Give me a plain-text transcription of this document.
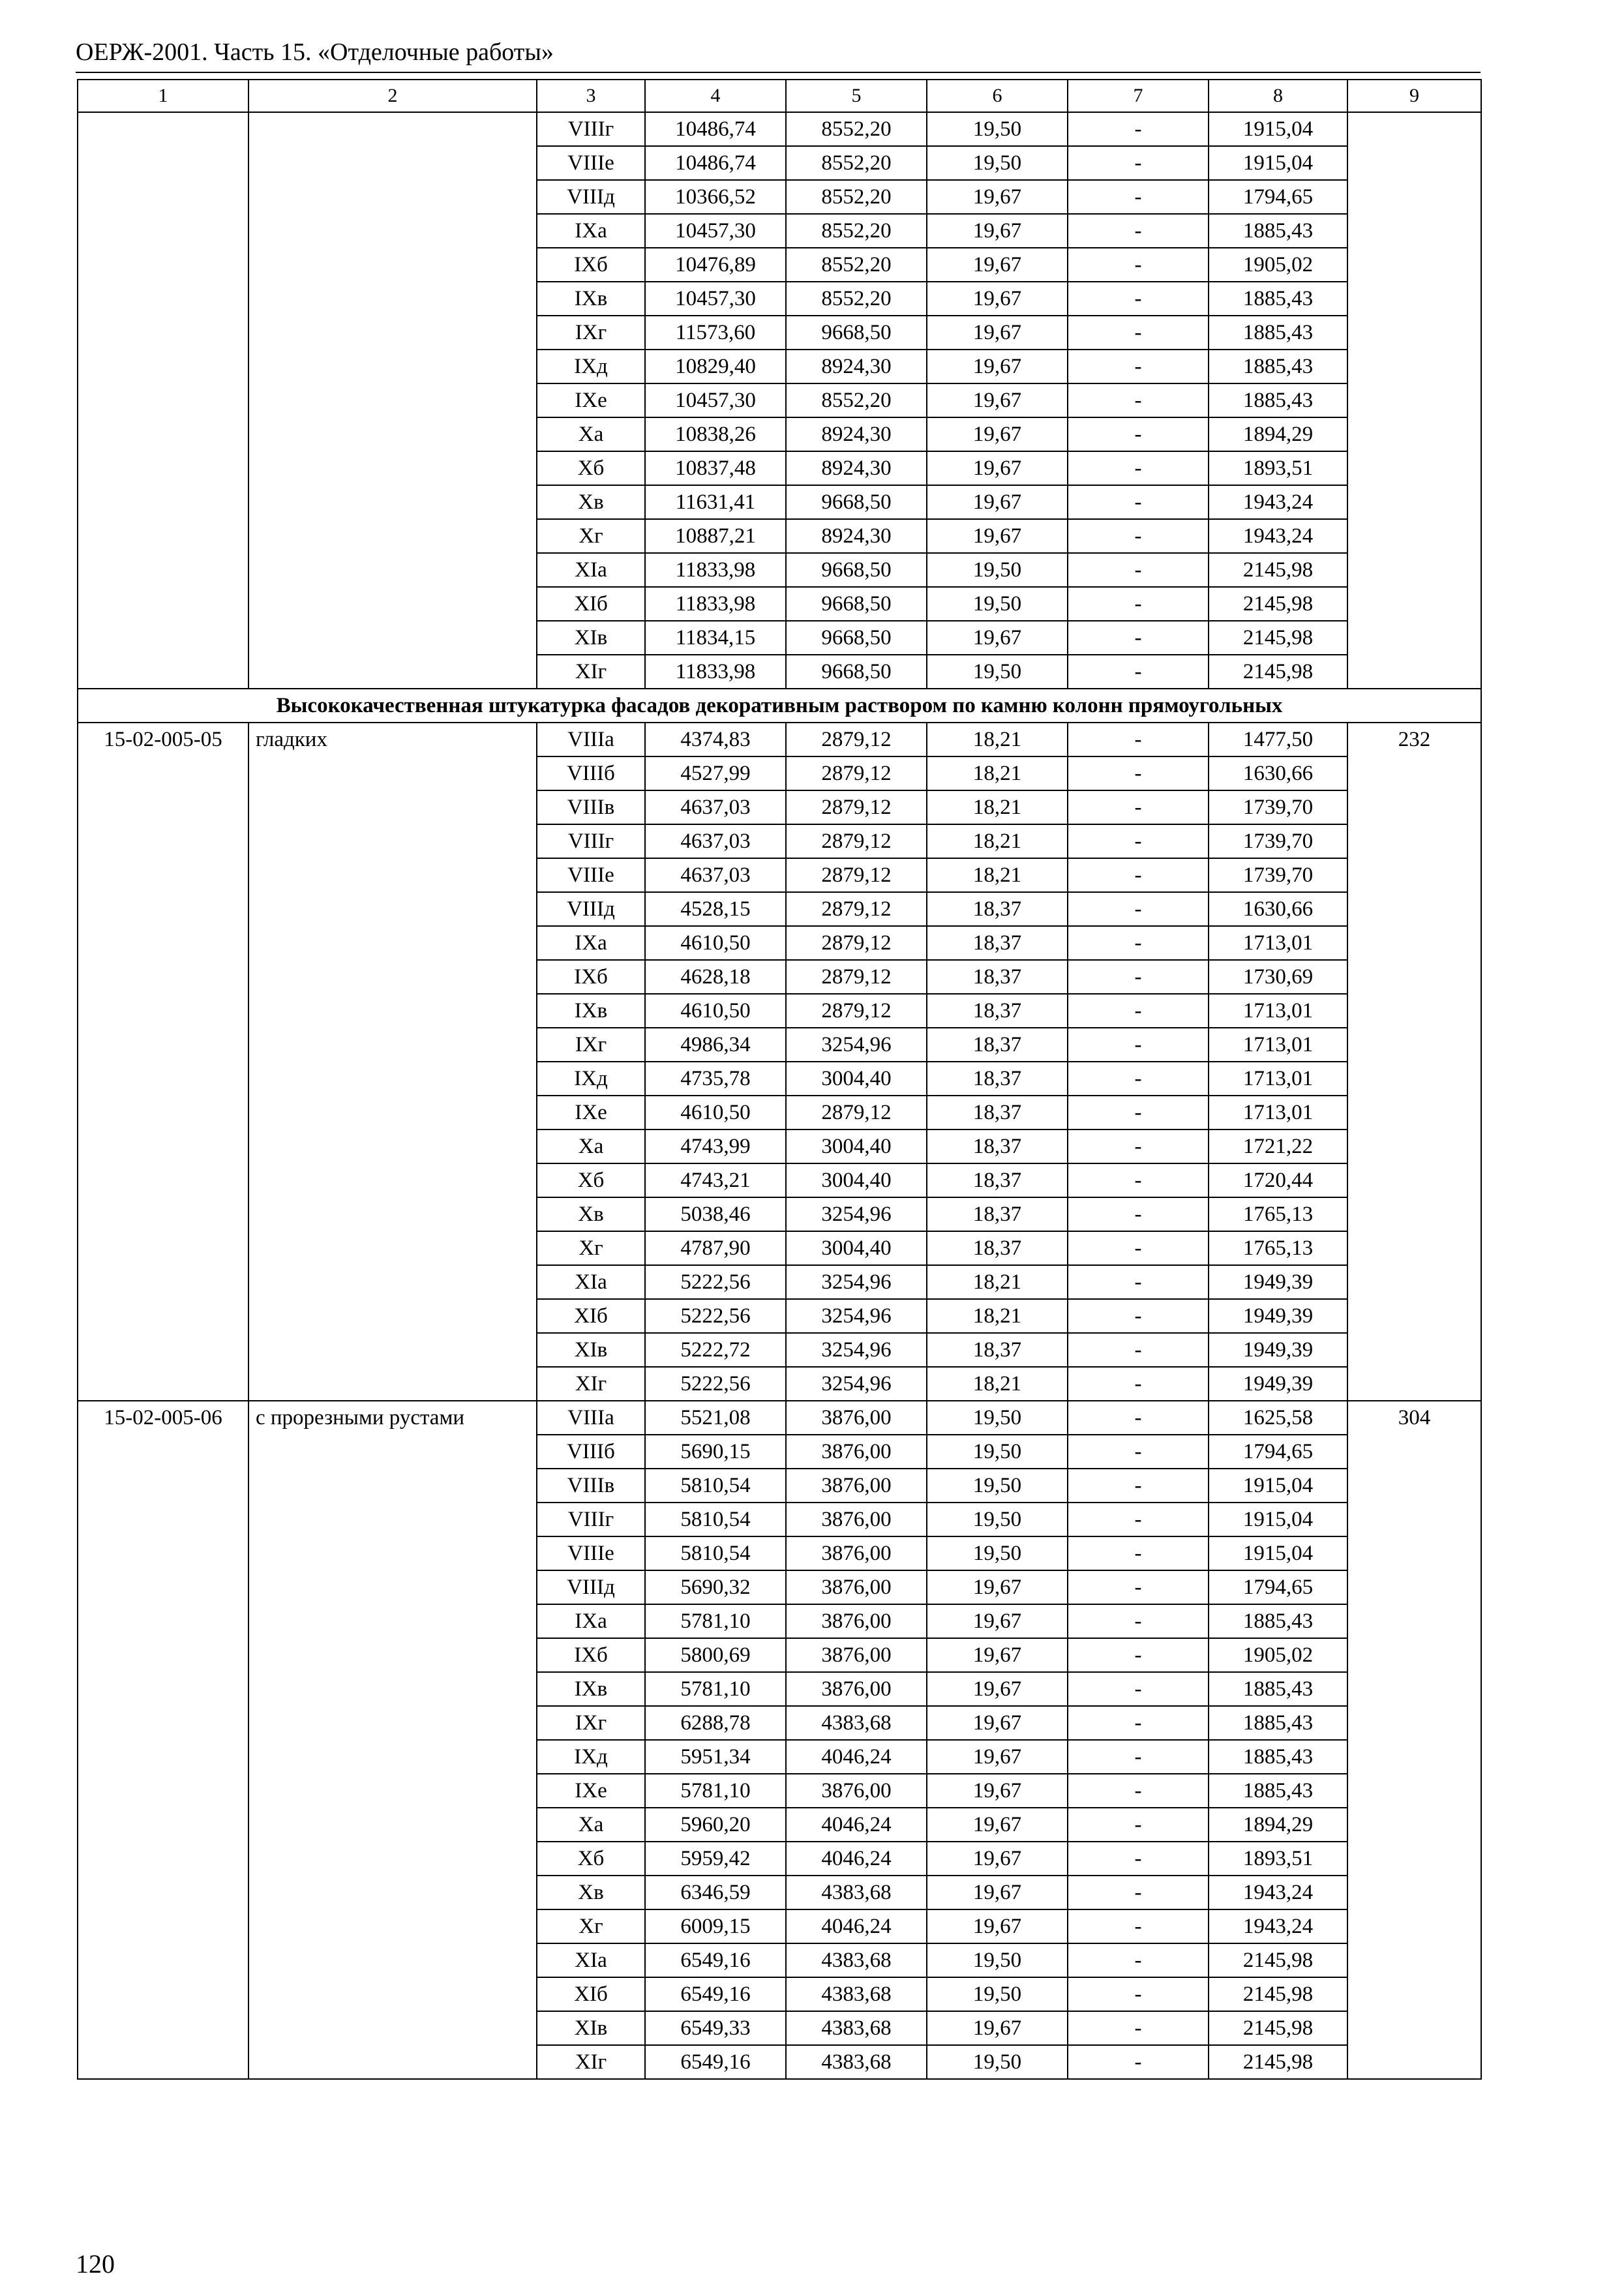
ОЕРЖ-2001. Часть 15. «Отделочные работы»
1	2	3	4	5	6	7	8	9
		VIIIг	10486,74	8552,20	19,50	-	1915,04	
		VIIIе	10486,74	8552,20	19,50	-	1915,04	
		VIIIд	10366,52	8552,20	19,67	-	1794,65	
		IXа	10457,30	8552,20	19,67	-	1885,43	
		IXб	10476,89	8552,20	19,67	-	1905,02	
		IXв	10457,30	8552,20	19,67	-	1885,43	
		IXг	11573,60	9668,50	19,67	-	1885,43	
		IXд	10829,40	8924,30	19,67	-	1885,43	
		IXе	10457,30	8552,20	19,67	-	1885,43	
		Xа	10838,26	8924,30	19,67	-	1894,29	
		Xб	10837,48	8924,30	19,67	-	1893,51	
		Xв	11631,41	9668,50	19,67	-	1943,24	
		Xг	10887,21	8924,30	19,67	-	1943,24	
		XIа	11833,98	9668,50	19,50	-	2145,98	
		XIб	11833,98	9668,50	19,50	-	2145,98	
		XIв	11834,15	9668,50	19,67	-	2145,98	
		XIг	11833,98	9668,50	19,50	-	2145,98	
Высококачественная штукатурка фасадов декоративным раствором по камню колонн прямоугольных								
15-02-005-05	гладких	VIIIа	4374,83	2879,12	18,21	-	1477,50	232
		VIIIб	4527,99	2879,12	18,21	-	1630,66	
		VIIIв	4637,03	2879,12	18,21	-	1739,70	
		VIIIг	4637,03	2879,12	18,21	-	1739,70	
		VIIIе	4637,03	2879,12	18,21	-	1739,70	
		VIIIд	4528,15	2879,12	18,37	-	1630,66	
		IXа	4610,50	2879,12	18,37	-	1713,01	
		IXб	4628,18	2879,12	18,37	-	1730,69	
		IXв	4610,50	2879,12	18,37	-	1713,01	
		IXг	4986,34	3254,96	18,37	-	1713,01	
		IXд	4735,78	3004,40	18,37	-	1713,01	
		IXе	4610,50	2879,12	18,37	-	1713,01	
		Xа	4743,99	3004,40	18,37	-	1721,22	
		Xб	4743,21	3004,40	18,37	-	1720,44	
		Xв	5038,46	3254,96	18,37	-	1765,13	
		Xг	4787,90	3004,40	18,37	-	1765,13	
		XIа	5222,56	3254,96	18,21	-	1949,39	
		XIб	5222,56	3254,96	18,21	-	1949,39	
		XIв	5222,72	3254,96	18,37	-	1949,39	
		XIг	5222,56	3254,96	18,21	-	1949,39	
15-02-005-06	с прорезными рустами	VIIIа	5521,08	3876,00	19,50	-	1625,58	304
		VIIIб	5690,15	3876,00	19,50	-	1794,65	
		VIIIв	5810,54	3876,00	19,50	-	1915,04	
		VIIIг	5810,54	3876,00	19,50	-	1915,04	
		VIIIе	5810,54	3876,00	19,50	-	1915,04	
		VIIIд	5690,32	3876,00	19,67	-	1794,65	
		IXа	5781,10	3876,00	19,67	-	1885,43	
		IXб	5800,69	3876,00	19,67	-	1905,02	
		IXв	5781,10	3876,00	19,67	-	1885,43	
		IXг	6288,78	4383,68	19,67	-	1885,43	
		IXд	5951,34	4046,24	19,67	-	1885,43	
		IXе	5781,10	3876,00	19,67	-	1885,43	
		Xа	5960,20	4046,24	19,67	-	1894,29	
		Xб	5959,42	4046,24	19,67	-	1893,51	
		Xв	6346,59	4383,68	19,67	-	1943,24	
		Xг	6009,15	4046,24	19,67	-	1943,24	
		XIа	6549,16	4383,68	19,50	-	2145,98	
		XIб	6549,16	4383,68	19,50	-	2145,98	
		XIв	6549,33	4383,68	19,67	-	2145,98	
		XIг	6549,16	4383,68	19,50	-	2145,98	
120
